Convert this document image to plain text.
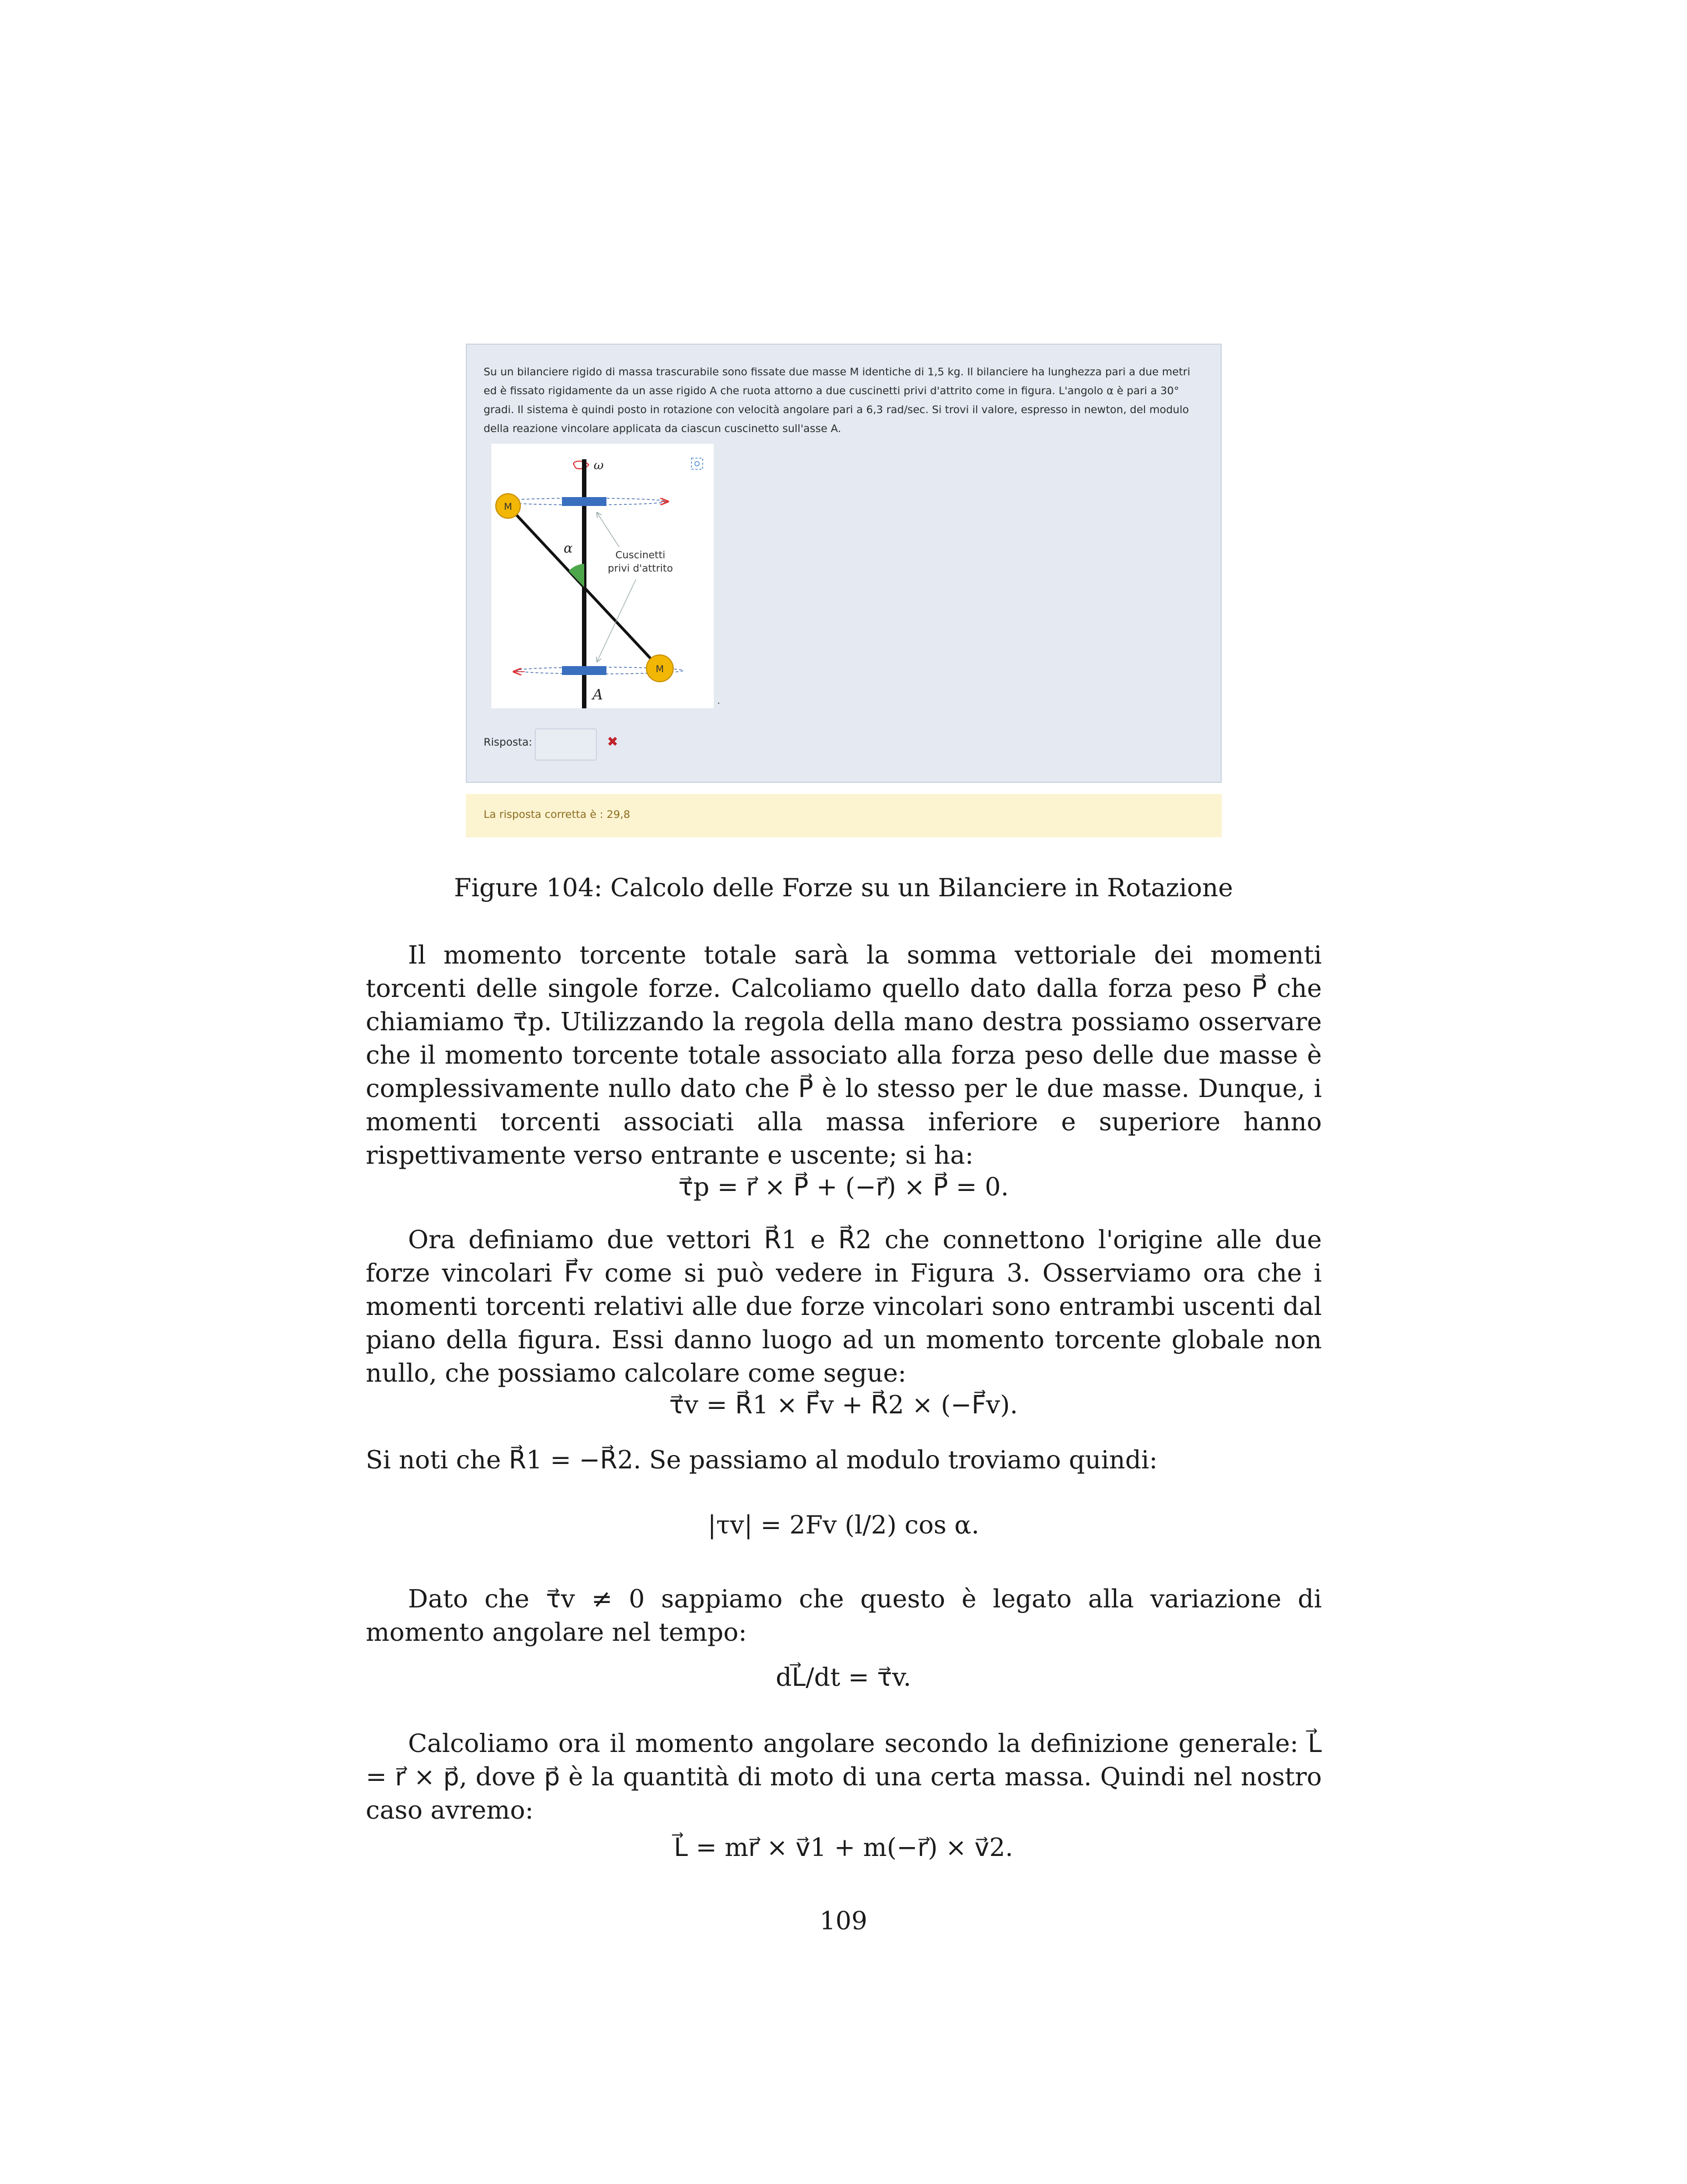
Su un bilanciere rigido di massa trascurabile sono fissate due masse M identiche di 1,5 kg. Il bilanciere ha lunghezza pari a due metri ed è fissato rigidamente da un asse rigido A che ruota attorno a due cuscinetti privi d'attrito come in figura. L'angolo α è pari a 30° gradi. Il sistema è quindi posto in rotazione con velocità angolare pari a 6,3 rad/sec. Si trovi il valore, espresso in newton, del modulo della reazione vincolare applicata da ciascun cuscinetto sull'asse A.

ω
α
M
M
Cuscinetti
privi d'attrito
A	.
Risposta:	✖
La risposta corretta è : 29,8
Figure 104: Calcolo delle Forze su un Bilanciere in Rotazione

Il momento torcente totale sarà la somma vettoriale dei momenti torcenti delle singole forze. Calcoliamo quello dato dalla forza peso P⃗ che chiamiamo τ⃗p. Utilizzando la regola della mano destra possiamo osservare che il momento torcente totale associato alla forza peso delle due masse è complessivamente nullo dato che P⃗ è lo stesso per le due masse. Dunque, i momenti torcenti associati alla massa inferiore e superiore hanno rispettivamente verso entrante e uscente; si ha:

τ⃗p = r⃗ × P⃗ + (−r⃗) × P⃗ = 0.

Ora definiamo due vettori R⃗1 e R⃗2 che connettono l'origine alle due forze vincolari F⃗v come si può vedere in Figura 3. Osserviamo ora che i momenti torcenti relativi alle due forze vincolari sono entrambi uscenti dal piano della figura. Essi danno luogo ad un momento torcente globale non nullo, che possiamo calcolare come segue:

τ⃗v = R⃗1 × F⃗v + R⃗2 × (−F⃗v).

Si noti che R⃗1 = −R⃗2. Se passiamo al modulo troviamo quindi:

|τv| = 2Fv (l/2) cos α.

Dato che τ⃗v ≠ 0 sappiamo che questo è legato alla variazione di momento angolare nel tempo:

dL⃗/dt = τ⃗v.

Calcoliamo ora il momento angolare secondo la definizione generale: L⃗ = r⃗ × p⃗, dove p⃗ è la quantità di moto di una certa massa. Quindi nel nostro caso avremo:

L⃗ = mr⃗ × v⃗1 + m(−r⃗) × v⃗2.
109
